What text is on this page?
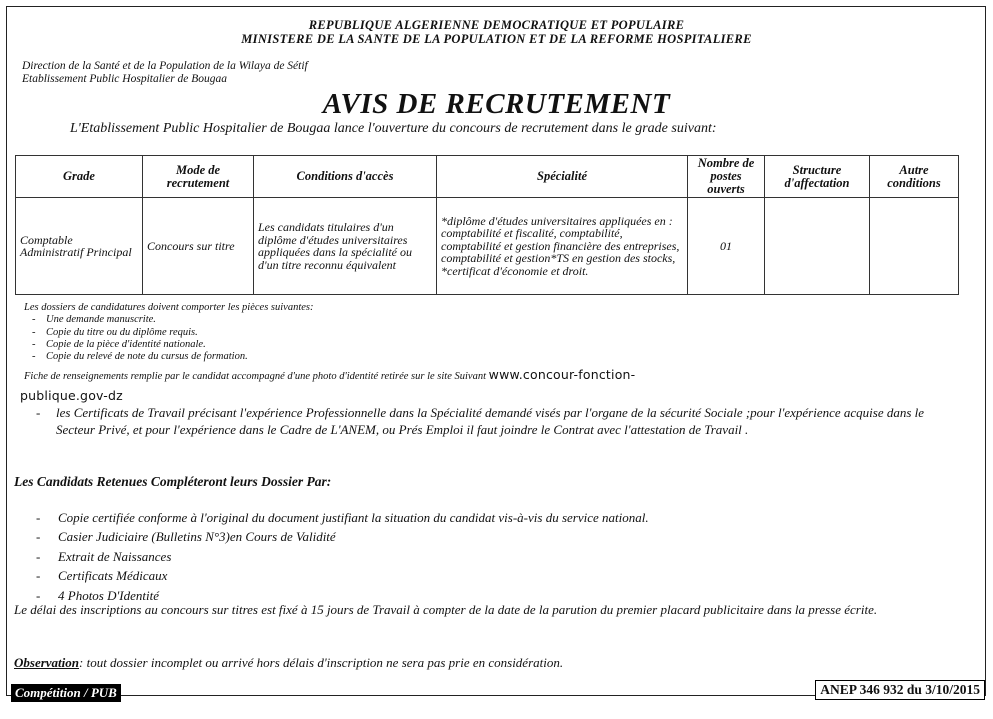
REPUBLIQUE ALGERIENNE DEMOCRATIQUE ET POPULAIRE
MINISTERE DE LA SANTE DE LA POPULATION ET DE LA REFORME HOSPITALIERE
Direction de la Santé et de la Population de la Wilaya de Sétif
Etablissement Public Hospitalier de Bougaa
AVIS DE RECRUTEMENT
L'Etablissement Public Hospitalier de Bougaa lance l'ouverture du concours de recrutement dans le grade suivant:
Grade	Mode de recrutement	Conditions d'accès	Spécialité	Nombre de postes ouverts	Structure d'affectation	Autre conditions
Comptable Administratif Principal	Concours sur titre	Les candidats titulaires d'un diplôme d'études universitaires appliquées dans la spécialité ou d'un titre reconnu équivalent	*diplôme d'études universitaires appliquées en : comptabilité et fiscalité, comptabilité, comptabilité et gestion financière des entreprises, comptabilité et gestion*TS en gestion des stocks, *certificat d'économie et droit.	01		
Les dossiers de candidatures doivent comporter les pièces suivantes:
- Une demande manuscrite.
- Copie du titre ou du diplôme requis.
- Copie de la pièce d'identité nationale.
- Copie du relevé de note du cursus de formation.
Fiche de renseignements remplie par le candidat accompagné d'une photo d'identité retirée sur le site Suivant www.concour-fonction-
publique.gov-dz
-	les Certificats de Travail précisant l'expérience Professionnelle dans la Spécialité demandé visés par l'organe de la sécurité Sociale ;pour l'expérience acquise dans le Secteur Privé, et pour l'expérience dans le Cadre de L'ANEM, ou Prés Emploi il faut joindre le Contrat avec l'attestation de Travail .
Les Candidats Retenues Compléteront leurs Dossier Par:
-	Copie certifiée conforme à l'original du document justifiant la situation du candidat vis-à-vis du service national.
-	Casier Judiciaire (Bulletins N°3)en Cours de Validité
-	Extrait de Naissances
-	Certificats Médicaux
-	4 Photos D'Identité
Le délai des inscriptions au concours sur titres est fixé à 15 jours de Travail à compter de la date de la parution du premier placard publicitaire dans la presse écrite.
Observation: tout dossier incomplet ou arrivé hors délais d'inscription ne sera pas prie en considération.
Compétition / PUB	ANEP 346 932 du 3/10/2015
